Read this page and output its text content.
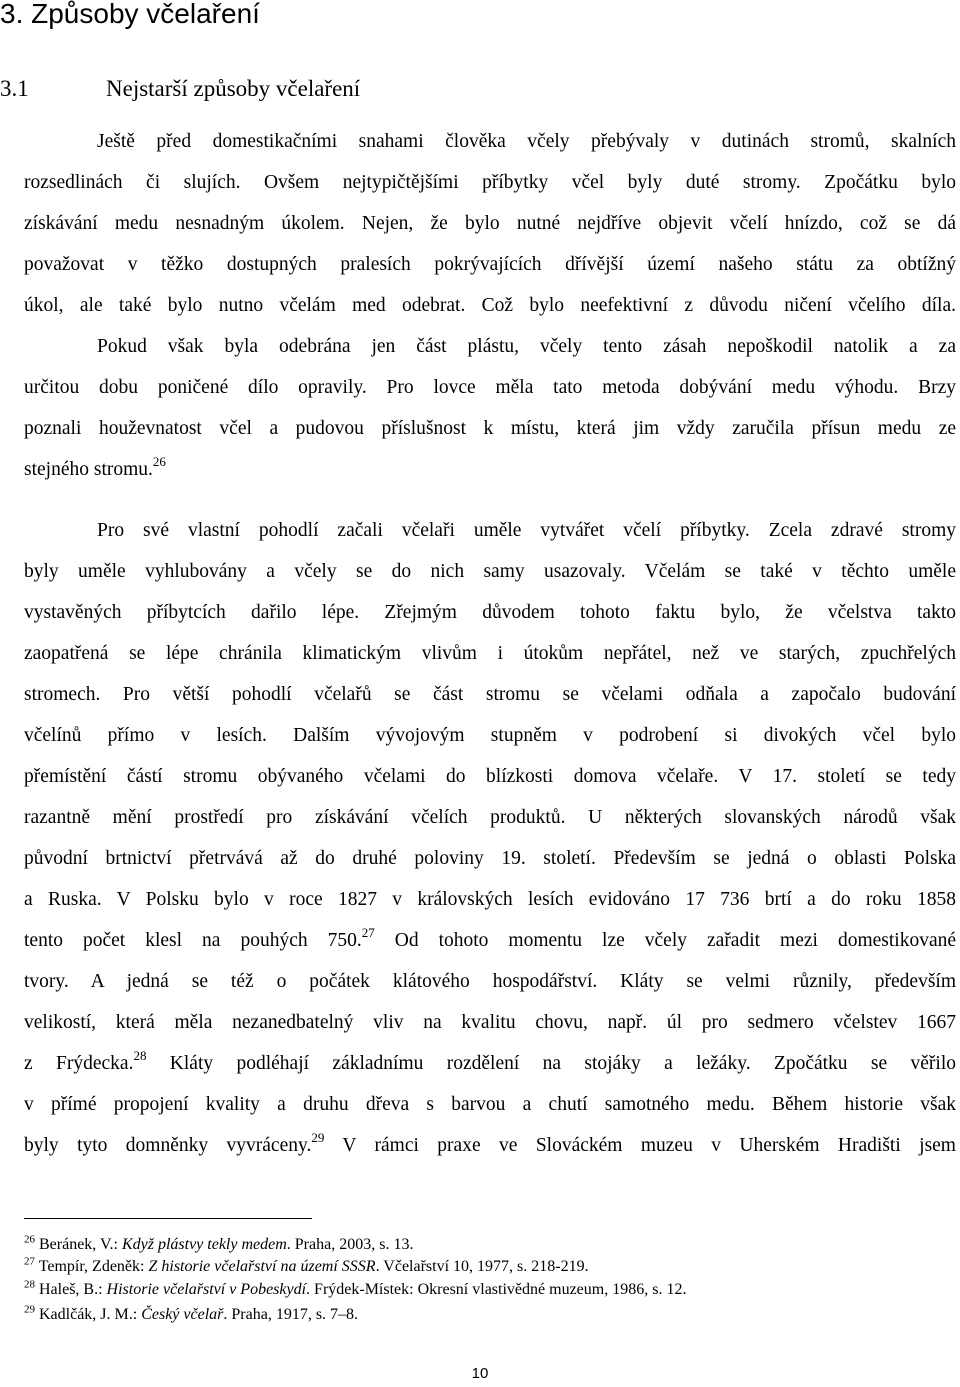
3. Způsoby včelaření
3.1	Nejstarší způsoby včelaření
Ještě před domestikačními snahami člověka včely přebývaly v dutinách stromů, skalních
rozsedlinách či slujích. Ovšem nejtypičtějšími příbytky včel byly duté stromy. Zpočátku bylo
získávání medu nesnadným úkolem. Nejen, že bylo nutné nejdříve objevit včelí hnízdo, což se dá
považovat v těžko dostupných pralesích pokrývajících dřívější území našeho státu za obtížný
úkol, ale také bylo nutno včelám med odebrat. Což bylo neefektivní z důvodu ničení včelího díla.
Pokud však byla odebrána jen část plástu, včely tento zásah nepoškodil natolik a za
určitou dobu poničené dílo opravily. Pro lovce měla tato metoda dobývání medu výhodu. Brzy
poznali houževnatost včel a pudovou příslušnost k místu, která jim vždy zaručila přísun medu ze
stejného stromu.$^{26}$
Pro své vlastní pohodlí začali včelaři uměle vytvářet včelí příbytky. Zcela zdravé stromy
byly uměle vyhlubovány a včely se do nich samy usazovaly. Včelám se také v těchto uměle
vystavěných příbytcích dařilo lépe. Zřejmým důvodem tohoto faktu bylo, že včelstva takto
zaopatřená se lépe chránila klimatickým vlivům i útokům nepřátel, než ve starých, zpuchřelých
stromech. Pro větší pohodlí včelařů se část stromu se včelami odňala a započalo budování
včelínů přímo v lesích. Dalším vývojovým stupněm v podrobení si divokých včel bylo
přemístění částí stromu obývaného včelami do blízkosti domova včelaře. V 17. století se tedy
razantně mění prostředí pro získávání včelích produktů. U některých slovanských národů však
původní brtnictví přetrvává až do druhé poloviny 19. století. Především se jedná o oblasti Polska
a Ruska. V Polsku bylo v roce 1827 v královských lesích evidováno 17 736 brtí a do roku 1858
tento počet klesl na pouhých 750.27 Od tohoto momentu lze včely zařadit mezi domestikované
tvory. A jedná se též o počátek klátového hospodářství. Kláty se velmi různily, především
velikostí, která měla nezanedbatelný vliv na kvalitu chovu, např. úl pro sedmero včelstev 1667
z Frýdecka.$^{28}$ Kláty podléhají základnímu rozdělení na stojáky a ležáky. Zpočátku se věřilo
v přímé propojení kvality a druhu dřeva s barvou a chutí samotného medu. Během historie však
byly tyto domněnky vyvráceny.$^{29}$ V rámci praxe ve Slováckém muzeu v Uherském Hradišti jsem
$^{26}$ Beránek, V.: Když plástvy tekly medem. Praha, 2003, s. 13.
$^{27}$ Tempír, Zdeněk: Z historie včelařství na území SSSR. Včelařství 10, 1977, s. 218-219.
$^{28}$ Haleš, B.: Historie včelařství v Pobeskydí. Frýdek-Místek: Okresní vlastivědné muzeum, 1986, s. 12.
$^{29}$ Kadlčák, J. M.: Český včelař. Praha, 1917, s. 7–8.
10
